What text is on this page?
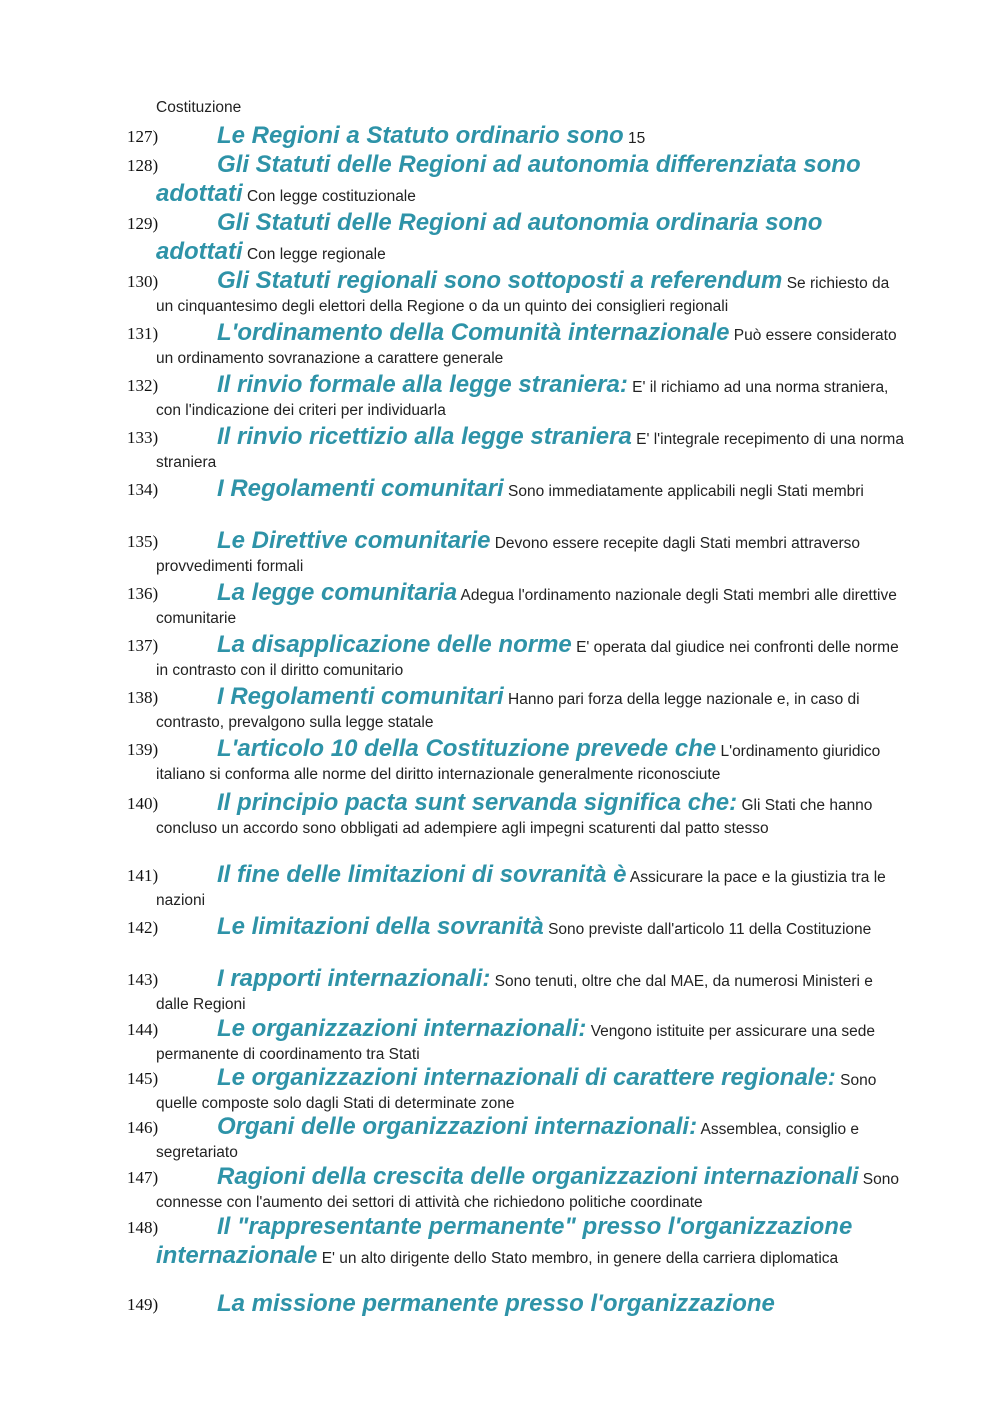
Costituzione
127)	Le Regioni a Statuto ordinario sono 15
128)	Gli Statuti delle Regioni ad autonomia differenziata sono adottati Con legge costituzionale
129)	Gli Statuti delle Regioni ad autonomia ordinaria sono adottati Con legge regionale
130)	Gli Statuti regionali sono sottoposti a referendum Se richiesto da un cinquantesimo degli elettori della Regione o da un quinto dei consiglieri regionali
131)	L'ordinamento della Comunità internazionale Può essere considerato un ordinamento sovranazione a carattere generale
132)	Il rinvio formale alla legge straniera: E' il richiamo ad una norma straniera, con l'indicazione dei criteri per individuarla
133)	Il rinvio ricettizio alla legge straniera E' l'integrale recepimento di una norma straniera
134)	I Regolamenti comunitari Sono immediatamente applicabili negli Stati membri
135)	Le Direttive comunitarie Devono essere recepite dagli Stati membri attraverso provvedimenti formali
136)	La legge comunitaria Adegua l'ordinamento nazionale degli Stati membri alle direttive comunitarie
137)	La disapplicazione delle norme E' operata dal giudice nei confronti delle norme in contrasto con il diritto comunitario
138)	I Regolamenti comunitari Hanno pari forza della legge nazionale e, in caso di contrasto, prevalgono sulla legge statale
139)	L'articolo 10 della Costituzione prevede che L'ordinamento giuridico italiano si conforma alle norme del diritto internazionale generalmente riconosciute
140)	Il principio pacta sunt servanda significa che: Gli Stati che hanno concluso un accordo sono obbligati ad adempiere agli impegni scaturenti dal patto stesso
141)	Il fine delle limitazioni di sovranità è Assicurare la pace e la giustizia tra le nazioni
142)	Le limitazioni della sovranità Sono previste dall'articolo 11 della Costituzione
143)	I rapporti internazionali: Sono tenuti, oltre che dal MAE, da numerosi Ministeri e dalle Regioni
144)	Le organizzazioni internazionali: Vengono istituite per assicurare una sede permanente di coordinamento tra Stati
145)	Le organizzazioni internazionali di carattere regionale: Sono quelle composte solo dagli Stati di determinate zone
146)	Organi delle organizzazioni internazionali: Assemblea, consiglio e segretariato
147)	Ragioni della crescita delle organizzazioni internazionali Sono connesse con l'aumento dei settori di attività che richiedono politiche coordinate
148)	Il "rappresentante permanente" presso l'organizzazione internazionale E' un alto dirigente dello Stato membro, in genere della carriera diplomatica
149)	La missione permanente presso l'organizzazione
